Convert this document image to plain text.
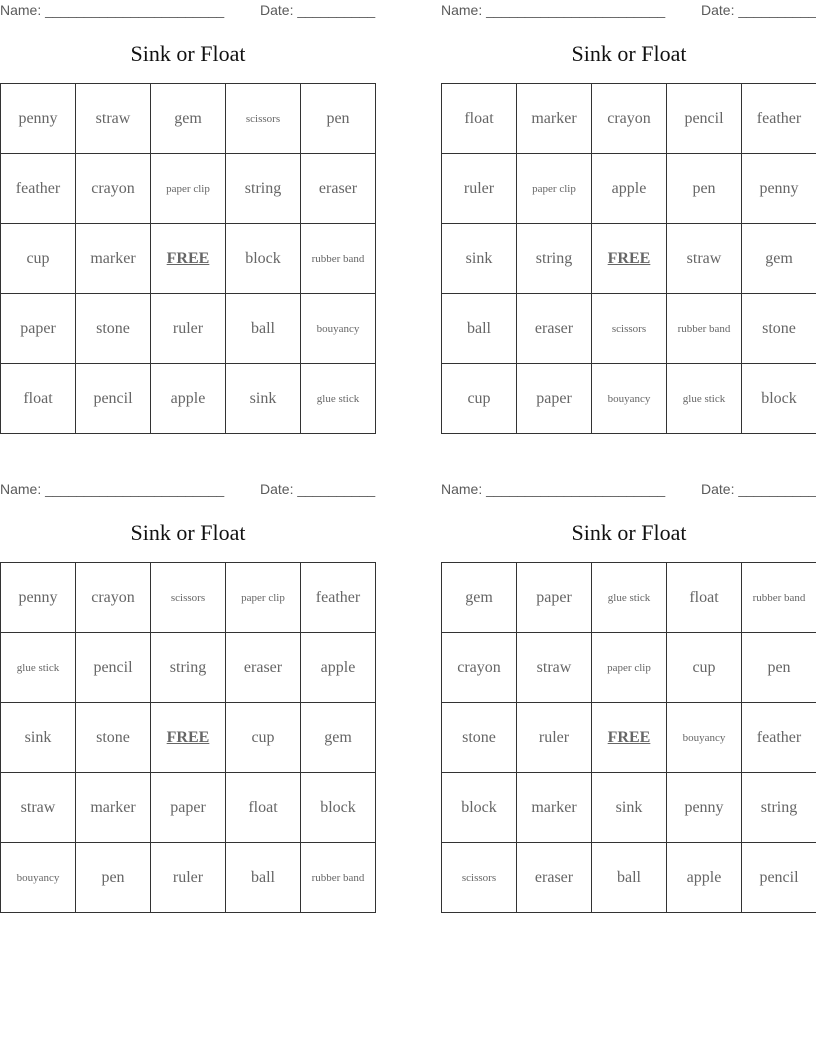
Name: _______________________	Date: __________
Sink or Float
penny	straw	gem	scissors	pen
feather	crayon	paper clip	string	eraser
cup	marker	FREE	block	rubber band
paper	stone	ruler	ball	bouyancy
float	pencil	apple	sink	glue stick
Name: _______________________	Date: __________
Sink or Float
float	marker	crayon	pencil	feather
ruler	paper clip	apple	pen	penny
sink	string	FREE	straw	gem
ball	eraser	scissors	rubber band	stone
cup	paper	bouyancy	glue stick	block
Name: _______________________	Date: __________
Sink or Float
penny	crayon	scissors	paper clip	feather
glue stick	pencil	string	eraser	apple
sink	stone	FREE	cup	gem
straw	marker	paper	float	block
bouyancy	pen	ruler	ball	rubber band
Name: _______________________	Date: __________
Sink or Float
gem	paper	glue stick	float	rubber band
crayon	straw	paper clip	cup	pen
stone	ruler	FREE	bouyancy	feather
block	marker	sink	penny	string
scissors	eraser	ball	apple	pencil
